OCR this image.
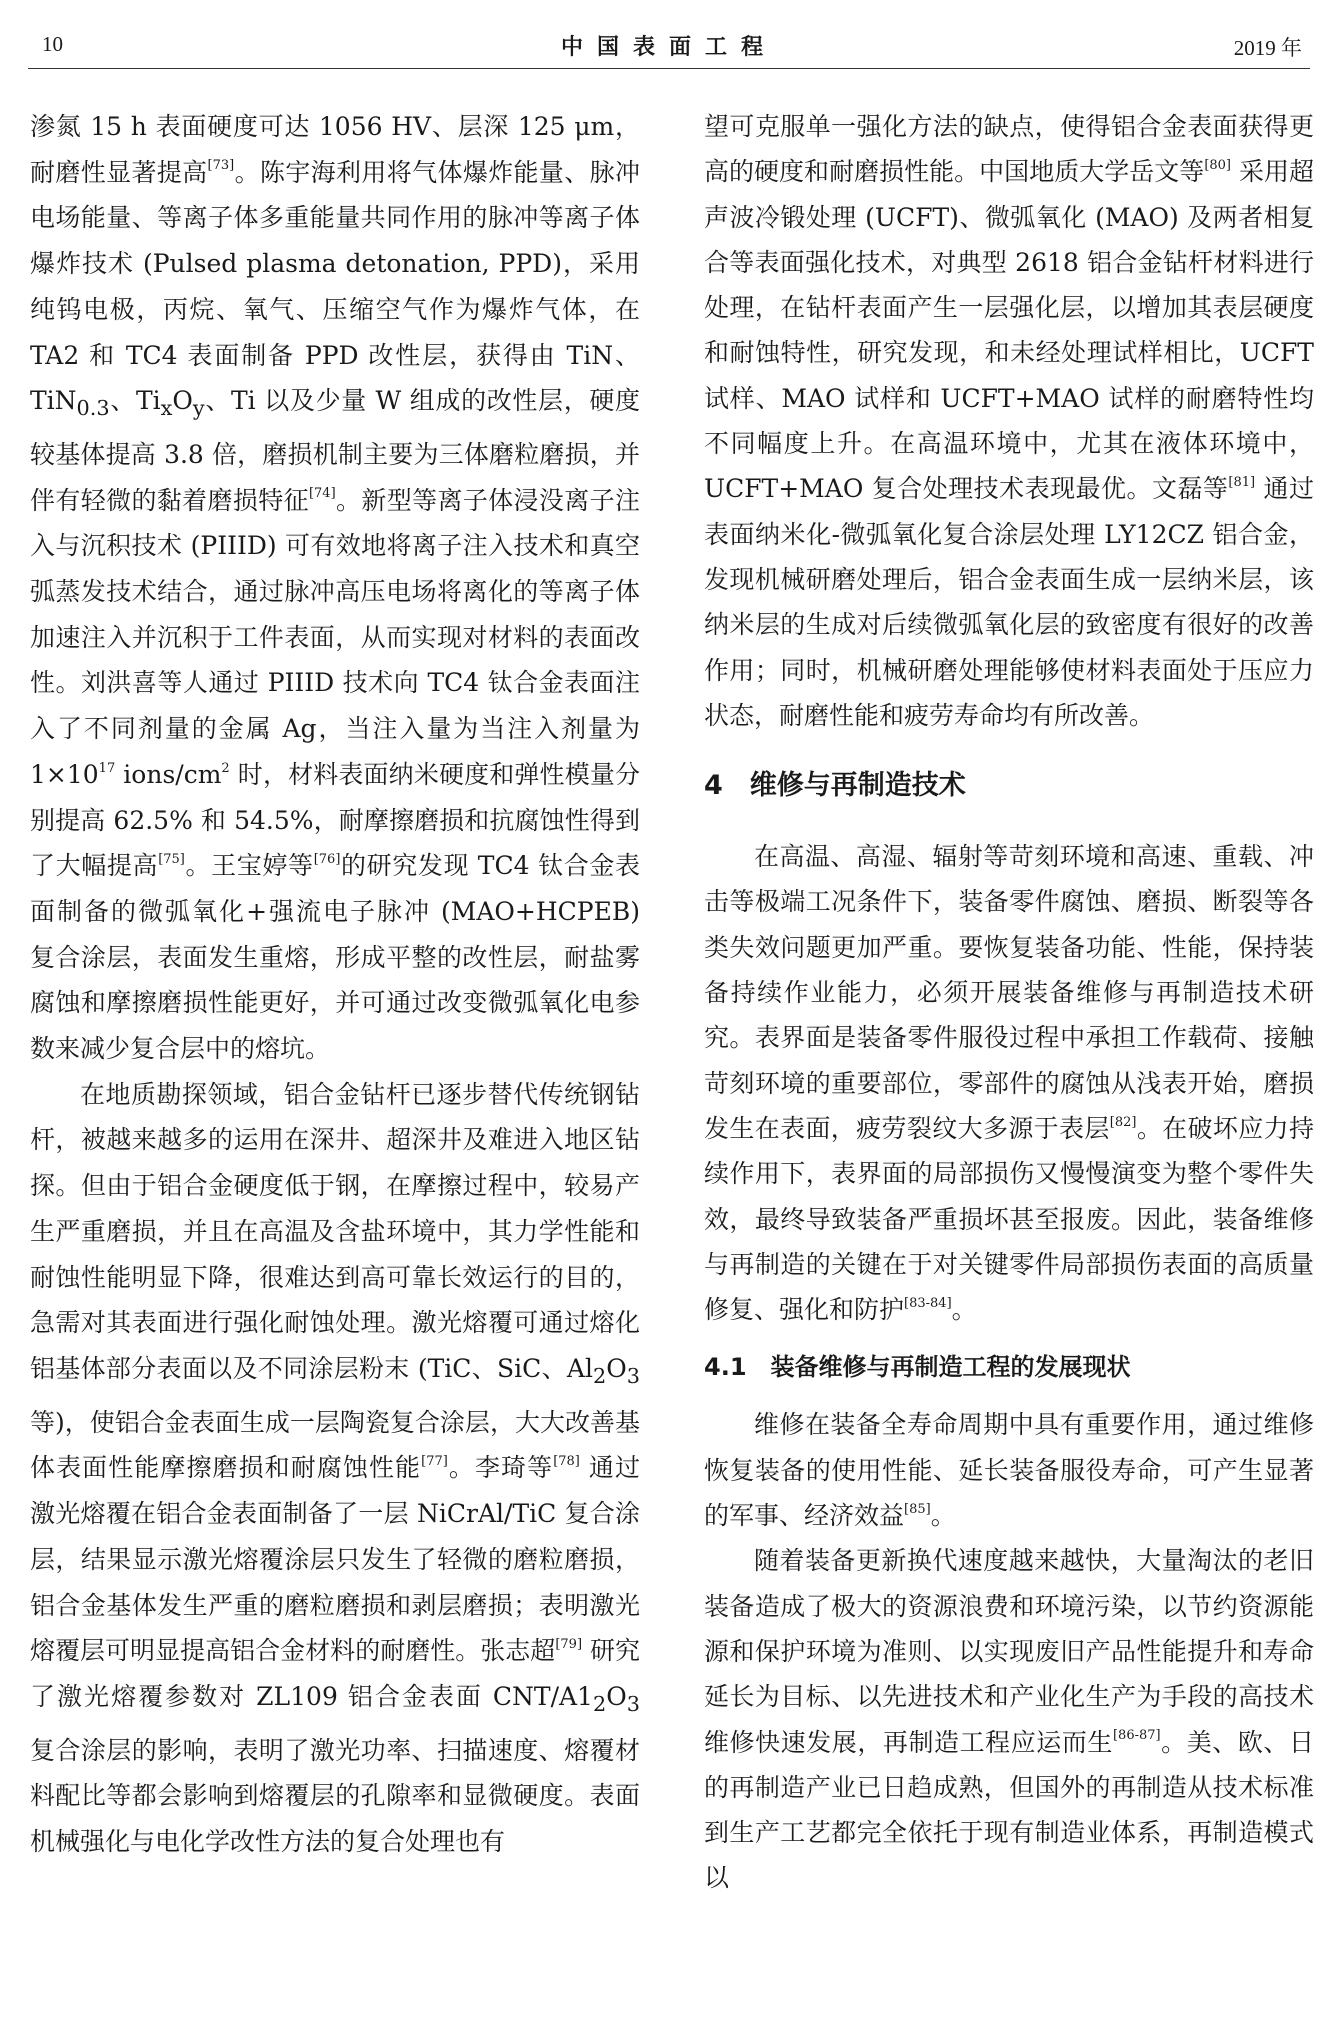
10	中国表面工程	2019 年

渗氮 15 h 表面硬度可达 1056 HV、层深 125 μm，耐磨性显著提高[73]。陈宇海利用将气体爆炸能量、脉冲电场能量、等离子体多重能量共同作用的脉冲等离子体爆炸技术 (Pulsed plasma detonation, PPD)，采用纯钨电极，丙烷、氧气、压缩空气作为爆炸气体，在 TA2 和 TC4 表面制备 PPD 改性层，获得由 TiN、TiN$_{0.3}$、$Ti_xO_y$、Ti 以及少量 W 组成的改性层，硬度较基体提高 3.8 倍，磨损机制主要为三体磨粒磨损，并伴有轻微的黏着磨损特征[74]。新型等离子体浸没离子注入与沉积技术 (PIIID) 可有效地将离子注入技术和真空弧蒸发技术结合，通过脉冲高压电场将离化的等离子体加速注入并沉积于工件表面，从而实现对材料的表面改性。刘洪喜等人通过 PIIID 技术向 TC4 钛合金表面注入了不同剂量的金属 Ag，当注入量为当注入剂量为 $1\times 10^{17}$ ions/$cm^2$ 时，材料表面纳米硬度和弹性模量分别提高 62.5% 和 54.5%，耐摩擦磨损和抗腐蚀性得到了大幅提高[75]。王宝婷等[76]的研究发现 TC4 钛合金表面制备的微弧氧化+强流电子脉冲 (MAO+HCPEB) 复合涂层，表面发生重熔，形成平整的改性层，耐盐雾腐蚀和摩擦磨损性能更好，并可通过改变微弧氧化电参数来减少复合层中的熔坑。

在地质勘探领域，铝合金钻杆已逐步替代传统钢钻杆，被越来越多的运用在深井、超深井及难进入地区钻探。但由于铝合金硬度低于钢，在摩擦过程中，较易产生严重磨损，并且在高温及含盐环境中，其力学性能和耐蚀性能明显下降，很难达到高可靠长效运行的目的，急需对其表面进行强化耐蚀处理。激光熔覆可通过熔化铝基体部分表面以及不同涂层粉末 (TiC、SiC、$Al_2O_3$ 等)，使铝合金表面生成一层陶瓷复合涂层，大大改善基体表面性能摩擦磨损和耐腐蚀性能[77]。李琦等[78] 通过激光熔覆在铝合金表面制备了一层 NiCrAl/TiC 复合涂层，结果显示激光熔覆涂层只发生了轻微的磨粒磨损，铝合金基体发生严重的磨粒磨损和剥层磨损；表明激光熔覆层可明显提高铝合金材料的耐磨性。张志超[79] 研究了激光熔覆参数对 ZL109 铝合金表面 CNT/$A1_2O_3$ 复合涂层的影响，表明了激光功率、扫描速度、熔覆材料配比等都会影响到熔覆层的孔隙率和显微硬度。表面机械强化与电化学改性方法的复合处理也有

望可克服单一强化方法的缺点，使得铝合金表面获得更高的硬度和耐磨损性能。中国地质大学岳文等[80] 采用超声波冷锻处理 (UCFT)、微弧氧化 (MAO) 及两者相复合等表面强化技术，对典型 2618 铝合金钻杆材料进行处理，在钻杆表面产生一层强化层，以增加其表层硬度和耐蚀特性，研究发现，和未经处理试样相比，UCFT 试样、MAO 试样和 UCFT+MAO 试样的耐磨特性均不同幅度上升。在高温环境中，尤其在液体环境中，UCFT+MAO 复合处理技术表现最优。文磊等[81] 通过表面纳米化-微弧氧化复合涂层处理 LY12CZ 铝合金，发现机械研磨处理后，铝合金表面生成一层纳米层，该纳米层的生成对后续微弧氧化层的致密度有很好的改善作用；同时，机械研磨处理能够使材料表面处于压应力状态，耐磨性能和疲劳寿命均有所改善。

4　维修与再制造技术

在高温、高湿、辐射等苛刻环境和高速、重载、冲击等极端工况条件下，装备零件腐蚀、磨损、断裂等各类失效问题更加严重。要恢复装备功能、性能，保持装备持续作业能力，必须开展装备维修与再制造技术研究。表界面是装备零件服役过程中承担工作载荷、接触苛刻环境的重要部位，零部件的腐蚀从浅表开始，磨损发生在表面，疲劳裂纹大多源于表层[82]。在破坏应力持续作用下，表界面的局部损伤又慢慢演变为整个零件失效，最终导致装备严重损坏甚至报废。因此，装备维修与再制造的关键在于对关键零件局部损伤表面的高质量修复、强化和防护[83-84]。

4.1　装备维修与再制造工程的发展现状

维修在装备全寿命周期中具有重要作用，通过维修恢复装备的使用性能、延长装备服役寿命，可产生显著的军事、经济效益[85]。

随着装备更新换代速度越来越快，大量淘汰的老旧装备造成了极大的资源浪费和环境污染，以节约资源能源和保护环境为准则、以实现废旧产品性能提升和寿命延长为目标、以先进技术和产业化生产为手段的高技术维修快速发展，再制造工程应运而生[86-87]。美、欧、日的再制造产业已日趋成熟，但国外的再制造从技术标准到生产工艺都完全依托于现有制造业体系，再制造模式以
